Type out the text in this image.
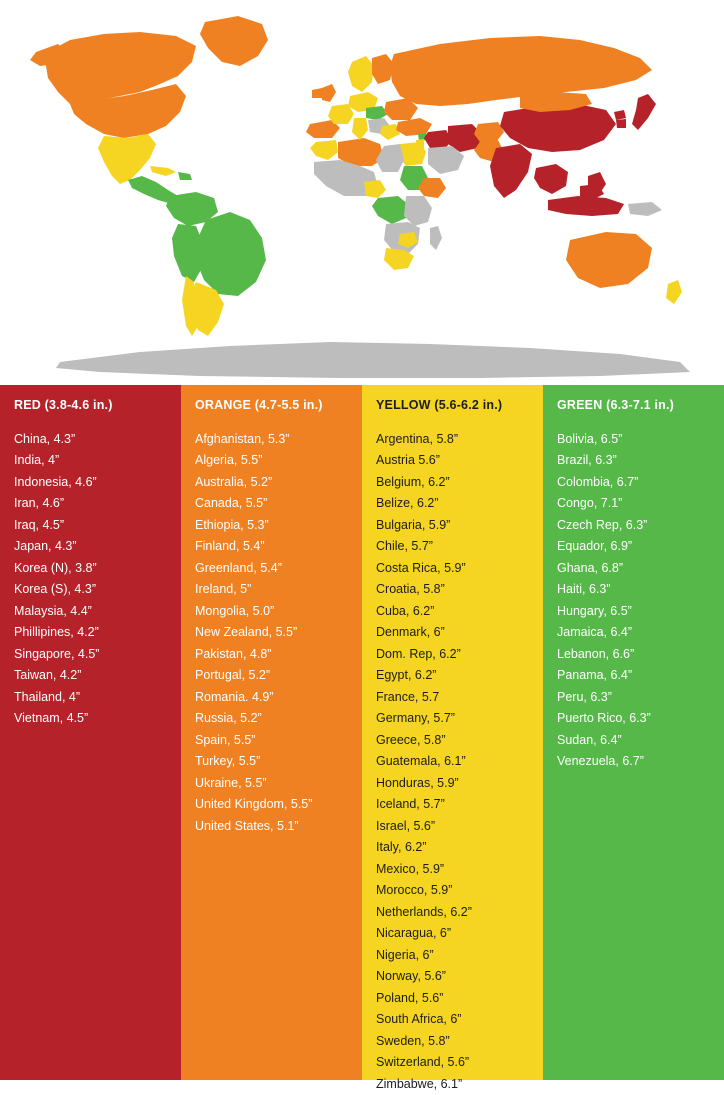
RED (3.8-4.6 in.)
China, 4.3”
India, 4”
Indonesia, 4.6”
Iran, 4.6”
Iraq, 4.5”
Japan, 4.3”
Korea (N), 3.8”
Korea (S), 4.3”
Malaysia, 4.4”
Phillipines, 4.2”
Singapore, 4.5”
Taiwan, 4.2”
Thailand, 4”
Vietnam, 4.5”
ORANGE (4.7-5.5 in.)
Afghanistan, 5.3”
Algeria, 5.5”
Australia, 5.2”
Canada, 5.5”
Ethiopia, 5.3”
Finland, 5.4”
Greenland, 5.4”
Ireland, 5”
Mongolia, 5.0”
New Zealand, 5.5”
Pakistan, 4.8”
Portugal, 5.2”
Romania. 4.9”
Russia, 5.2”
Spain, 5.5”
Turkey, 5.5”
Ukraine, 5.5”
United Kingdom, 5.5”
United States, 5.1”
YELLOW (5.6-6.2 in.)
Argentina, 5.8”
Austria 5.6”
Belgium, 6.2”
Belize, 6.2”
Bulgaria, 5.9”
Chile, 5.7”
Costa Rica, 5.9”
Croatia, 5.8”
Cuba, 6.2”
Denmark, 6”
Dom. Rep, 6.2”
Egypt, 6.2”
France, 5.7
Germany, 5.7”
Greece, 5.8”
Guatemala, 6.1”
Honduras, 5.9”
Iceland, 5.7”
Israel, 5.6”
Italy, 6.2”
Mexico, 5.9”
Morocco, 5.9”
Netherlands, 6.2”
Nicaragua, 6”
Nigeria, 6”
Norway, 5.6”
Poland, 5.6”
South Africa, 6”
Sweden, 5.8”
Switzerland, 5.6”
Zimbabwe, 6.1”
GREEN (6.3-7.1 in.)
Bolivia, 6.5”
Brazil, 6.3”
Colombia, 6.7”
Congo, 7.1”
Czech Rep, 6.3”
Equador, 6.9”
Ghana, 6.8”
Haiti, 6.3”
Hungary, 6.5”
Jamaica, 6.4”
Lebanon, 6.6”
Panama, 6.4”
Peru, 6.3”
Puerto Rico, 6.3”
Sudan, 6.4”
Venezuela, 6.7”
